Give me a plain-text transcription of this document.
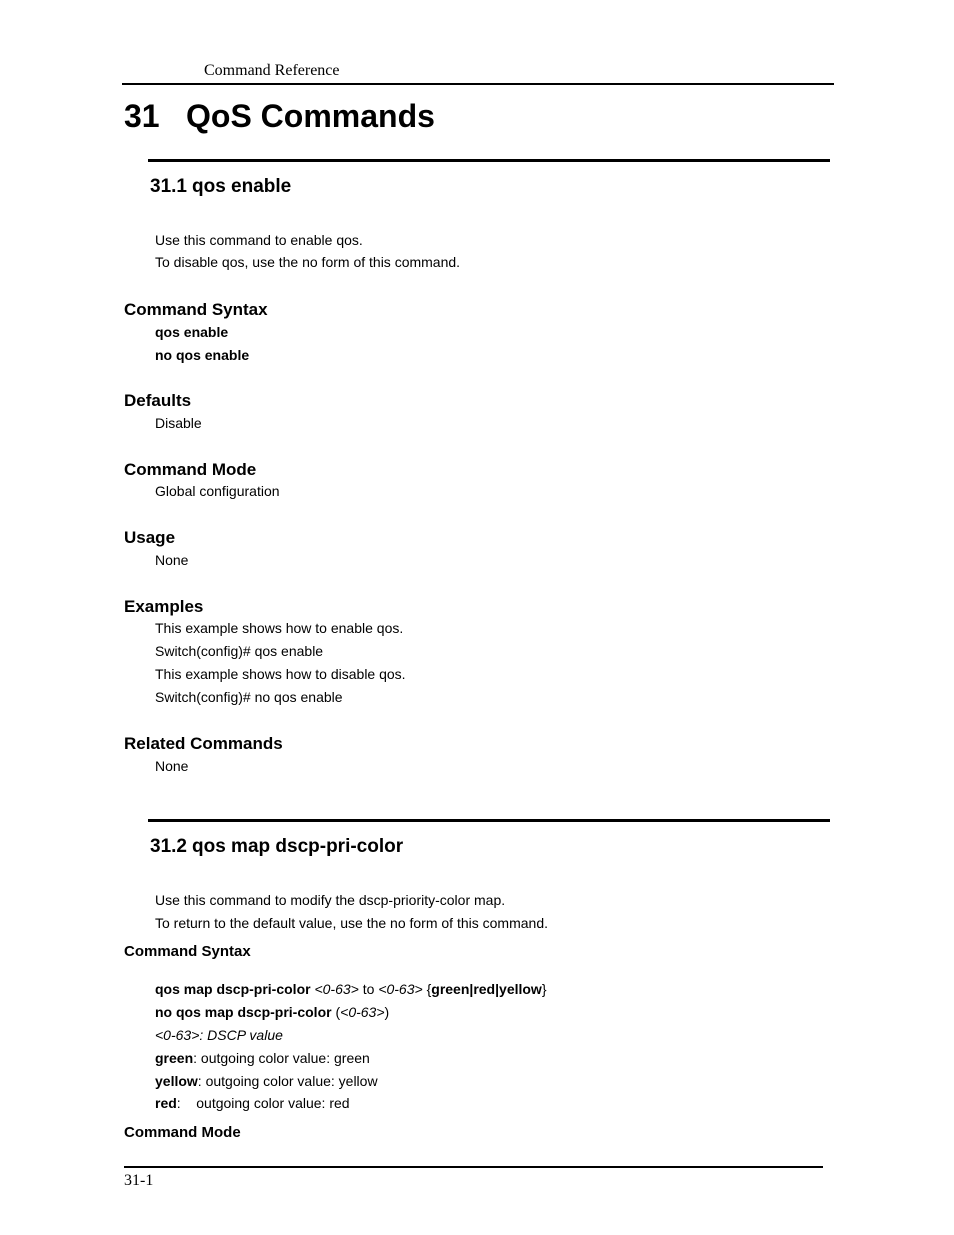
Command Reference
31 QoS Commands
31.1 qos enable
Use this command to enable qos.
To disable qos, use the no form of this command.
Command Syntax
qos enable
no qos enable
Defaults
Disable
Command Mode
Global configuration
Usage
None
Examples
This example shows how to enable qos.
Switch(config)# qos enable
This example shows how to disable qos.
Switch(config)# no qos enable
Related Commands
None
31.2 qos map dscp-pri-color
Use this command to modify the dscp-priority-color map.
To return to the default value, use the no form of this command.
Command Syntax
qos map dscp-pri-color <0-63> to <0-63> {green|red|yellow}
no qos map dscp-pri-color (<0-63>)
<0-63>: DSCP value
green: outgoing color value: green
yellow: outgoing color value: yellow
red:    outgoing color value: red
Command Mode
31-1
